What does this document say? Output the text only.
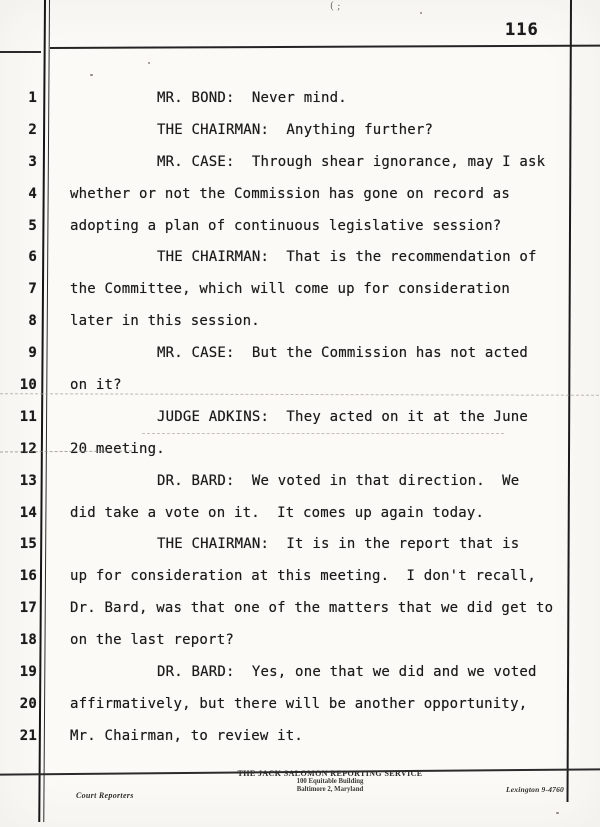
( ;
116

1

	MR. BOND:  Never mind.

2

	THE CHAIRMAN:  Anything further?

3

	MR. CASE:  Through shear ignorance, may I ask

4

whether or not the Commission has gone on record as

5

adopting a plan of continuous legislative session?

6

	THE CHAIRMAN:  That is the recommendation of

7

the Committee, which will come up for consideration

8

later in this session.

9

	MR. CASE:  But the Commission has not acted

10

on it?

11

	JUDGE ADKINS:  They acted on it at the June

12

20 meeting.

13

	DR. BARD:  We voted in that direction.  We

14

did take a vote on it.  It comes up again today.

15

	THE CHAIRMAN:  It is in the report that is

16

up for consideration at this meeting.  I don't recall,

17

Dr. Bard, was that one of the matters that we did get to

18

on the last report?

19

	DR. BARD:  Yes, one that we did and we voted

20

affirmatively, but there will be another opportunity,

21

Mr. Chairman, to review it.

Court Reporters
THE JACK SALOMON REPORTING SERVICE
100 Equitable Building
Baltimore 2, Maryland	Lexington 9-4760
